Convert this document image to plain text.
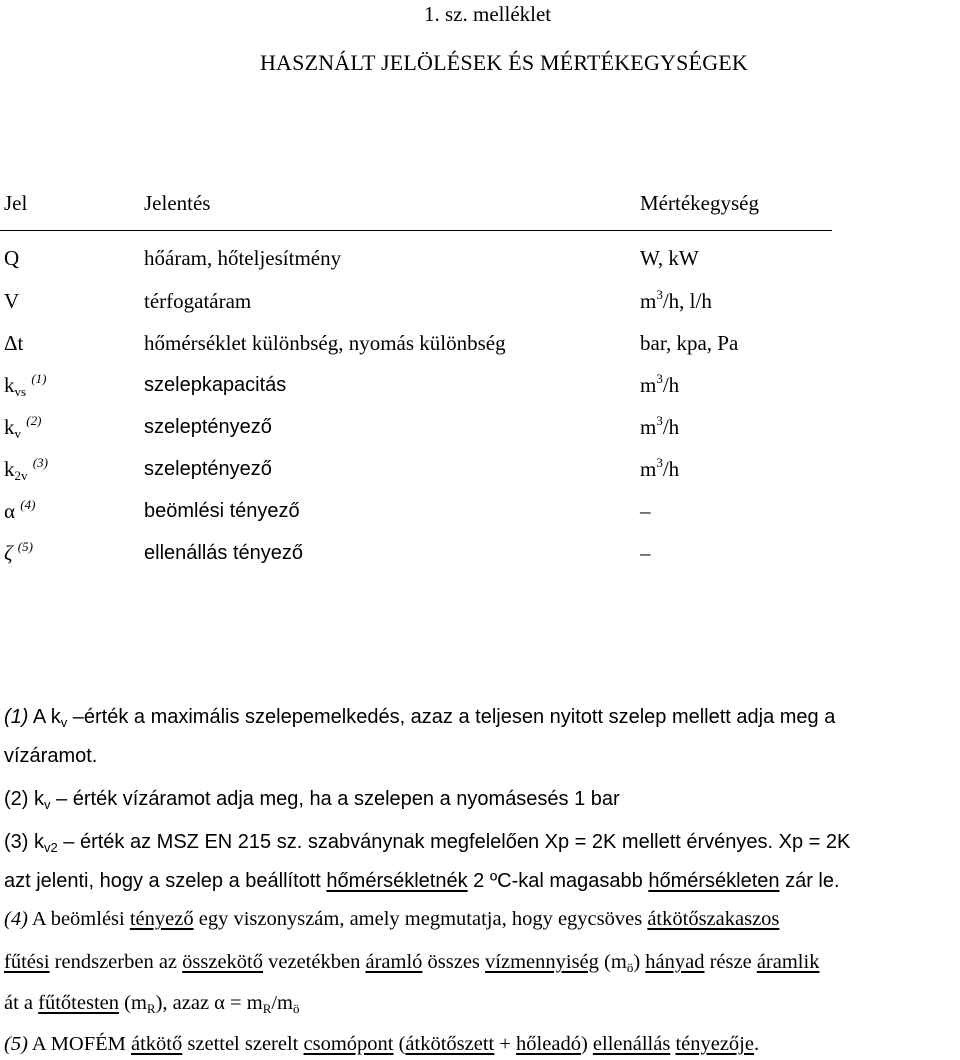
1. sz. melléklet
HASZNÁLT JELÖLÉSEK ÉS MÉRTÉKEGYSÉGEK
Jel	Jelentés	Mértékegység
Q	hőáram, hőteljesítmény	W, kW
V	térfogatáram	$m^3/h$, l/h
Δt	hőmérséklet különbség, nyomás különbség	bar, kpa, Pa
$k_{vs}$ $^{(1)}$	szelepkapacitás	$m^3/h$
$k_v$ $^{(2)}$	szeleptényező	$m^3/h$
$k_{2v}$ $^{(3)}$	szeleptényező	$m^3/h$
α $^{(4)}$	beömlési tényező	–
ζ $^{(5)}$	ellenállás tényező	–
(1) A $k_v$ –érték a maximális szelepemelkedés, azaz a teljesen nyitott szelep mellett adja meg a
vízáramot.
(2) $k_v$ – érték vízáramot adja meg, ha a szelepen a nyomásesés 1 bar
(3) $k_{v2}$ – érték az MSZ EN 215 sz. szabványnak megfelelően Xp = 2K mellett érvényes. Xp = 2K
azt jelenti, hogy a szelep a beállított hőmérsékletnék 2 ºC-kal magasabb hőmérsékleten zár le.
(4) A beömlési tényező egy viszonyszám, amely megmutatja, hogy egycsöves átkötőszakaszos
fűtési rendszerben az összekötő vezetékben áramló összes vízmennyiség $(m_ö)$ hányad része áramlik
át a fűtőtesten $(m_R)$, azaz $\alpha = m_R/m_ö$
(5) A MOFÉM átkötő szettel szerelt csomópont (átkötőszett + hőleadó) ellenállás tényezője.
